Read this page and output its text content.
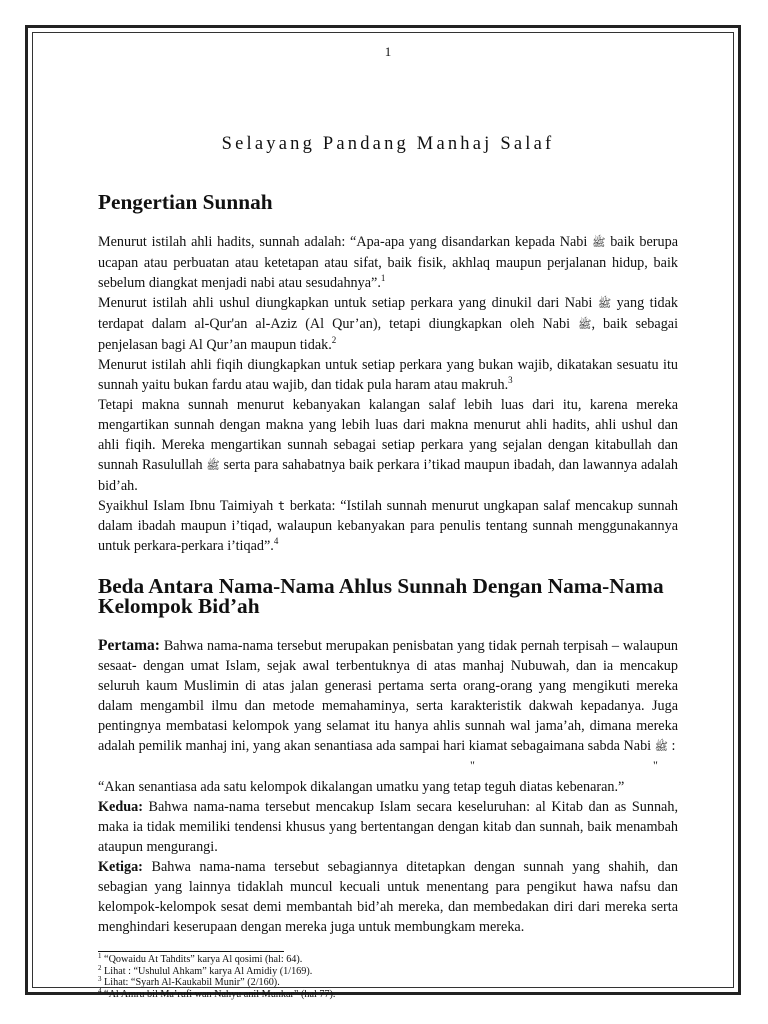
1
Selayang Pandang Manhaj Salaf
Pengertian Sunnah

Menurut istilah ahli hadits, sunnah adalah: “Apa-apa yang disandarkan kepada Nabi ﷺ baik berupa ucapan atau perbuatan atau ketetapan atau sifat, baik fisik, akhlaq maupun perjalanan hidup, baik sebelum diangkat menjadi nabi atau sesudahnya”.$^1$

Menurut istilah ahli ushul diungkapkan untuk setiap perkara yang dinukil dari Nabi ﷺ yang tidak terdapat dalam al-Qur'an al-Aziz (Al Qur’an), tetapi diungkapkan oleh Nabi ﷺ, baik sebagai penjelasan bagi Al Qur’an maupun tidak.$^2$

Menurut istilah ahli fiqih diungkapkan untuk setiap perkara yang bukan wajib, dikatakan sesuatu itu sunnah yaitu bukan fardu atau wajib, dan tidak pula haram atau makruh.$^3$

Tetapi makna sunnah menurut kebanyakan kalangan salaf lebih luas dari itu, karena mereka mengartikan sunnah dengan makna yang lebih luas dari makna menurut ahli hadits, ahli ushul dan ahli fiqih. Mereka mengartikan sunnah sebagai setiap perkara yang sejalan dengan kitabullah dan sunnah Rasulullah ﷺ serta para sahabatnya baik perkara i’tikad maupun ibadah, dan lawannya adalah bid’ah.

Syaikhul Islam Ibnu Taimiyah t berkata: “Istilah sunnah menurut ungkapan salaf mencakup sunnah dalam ibadah maupun i’tiqad, walaupun kebanyakan para penulis tentang sunnah menggunakannya untuk perkara-perkara i’tiqad”.$^4$

Beda Antara Nama-Nama Ahlus Sunnah Dengan Nama-Nama Kelompok Bid’ah

Pertama: Bahwa nama-nama tersebut merupakan penisbatan yang tidak pernah terpisah – walaupun sesaat- dengan umat Islam, sejak awal terbentuknya di atas manhaj Nubuwah, dan ia mencakup seluruh kaum Muslimin di atas jalan generasi pertama serta orang-orang yang mengikuti mereka dalam mengambil ilmu dan metode memahaminya, serta karakteristik dakwah kepadanya. Juga pentingnya membatasi kelompok yang selamat itu hanya ahlis sunnah wal jama’ah, dimana mereka adalah pemilik manhaj ini, yang akan senantiasa ada sampai hari kiamat sebagaimana sabda Nabi ﷺ :

"	"

“Akan senantiasa ada satu kelompok dikalangan umatku yang tetap teguh diatas kebenaran.”

Kedua: Bahwa nama-nama tersebut mencakup Islam secara keseluruhan: al Kitab dan as Sunnah, maka ia tidak memiliki tendensi khusus yang bertentangan dengan kitab dan sunnah, baik menambah ataupun mengurangi.

Ketiga: Bahwa nama-nama tersebut sebagiannya ditetapkan dengan sunnah yang shahih, dan sebagian yang lainnya tidaklah muncul kecuali untuk menentang para pengikut hawa nafsu dan kelompok-kelompok sesat demi membantah bid’ah mereka, dan membedakan diri dari mereka serta menghindari keserupaan dengan mereka juga untuk membungkam mereka.

$^1$ “Qowaidu At Tahdits” karya Al qosimi (hal: 64).

$^2$ Lihat : “Ushulul Ahkam” karya Al Amidiy (1/169).

$^3$ Lihat: “Syarh Al-Kaukabil Munir” (2/160).

$^4$ “Al Amru bil Ma’rufi wan Nahyu anil Munkar” (hal 77).
